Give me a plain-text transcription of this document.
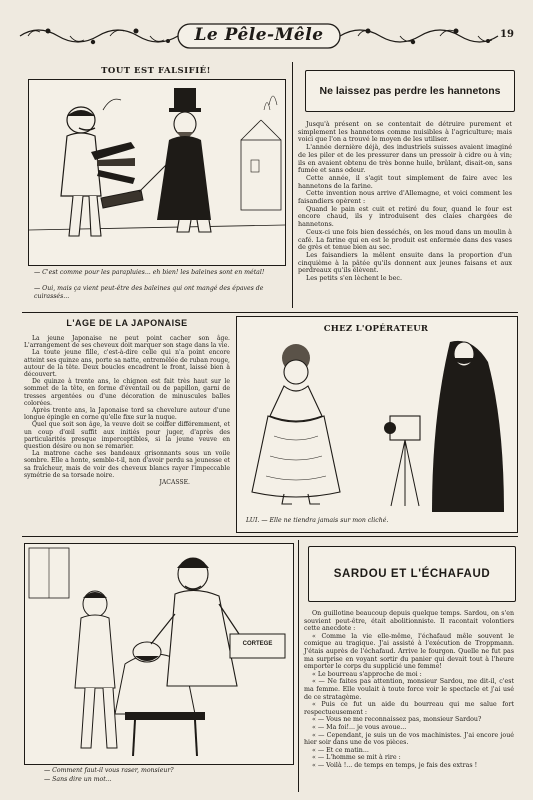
Le Pêle-Mêle	19
TOUT EST FALSIFIÉ!
— C'est comme pour les parapluies... eh bien! les baleines sont en métal!
— Oui, mais ça vient peut-être des baleines qui ont mangé des épaves de cuirassés...
Ne laissez pas perdre les hannetons

Jusqu'à présent on se contentait de détruire purement et simplement les hannetons comme nuisibles à l'agriculture; mais voici que l'on a trouvé le moyen de les utiliser.

L'année dernière déjà, des industriels suisses avaient imaginé de les piler et de les pressurer dans un pressoir à cidre ou à vin; ils en avaient obtenu de très bonne huile, brûlant, disait-on, sans fumée et sans odeur.

Cette année, il s'agit tout simplement de faire avec les hannetons de la farine.

Cette invention nous arrive d'Allemagne, et voici comment les faisandiers opèrent :

Quand le pain est cuit et retiré du four, quand le four est encore chaud, ils y introduisent des claies chargées de hannetons.

Ceux-ci une fois bien desséchés, on les moud dans un moulin à café. La farine qui en est le produit est enfermée dans des vases de grès et tenue bien au sec.

Les faisandiers la mêlent ensuite dans la proportion d'un cinquième à la pâtée qu'ils donnent aux jeunes faisans et aux perdreaux qu'ils élèvent.

Les petits s'en lèchent le bec.

L'AGE DE LA JAPONAISE

La jeune Japonaise ne peut point cacher son âge. L'arrangement de ses cheveux doit marquer son stage dans la vie.

La toute jeune fille, c'est-à-dire celle qui n'a point encore atteint ses quinze ans, porte sa natte, entremêlée de ruban rouge, autour de la tête. Deux boucles encadrent le front, laissé bien à découvert.

De quinze à trente ans, le chignon est fait très haut sur le sommet de la tête, en forme d'éventail ou de papillon, garni de tresses argentées ou d'une décoration de minuscules balles colorées.

Après trente ans, la Japonaise tord sa chevelure autour d'une longue épingle en corne qu'elle fixe sur la nuque.

Quel que soit son âge, la veuve doit se coiffer différemment, et un coup d'œil suffit aux initiés pour juger, d'après des particularités presque imperceptibles, si la jeune veuve en question désire ou non se remarier.

La matrone cache ses bandeaux grisonnants sous un voile sombre. Elle a honte, semble-t-il, non d'avoir perdu sa jeunesse et sa fraîcheur, mais de voir des cheveux blancs rayer l'impeccable symétrie de sa torsade noire.

JACASSE.
CHEZ L'OPÉRATEUR
LUI. — Elle ne tiendra jamais sur mon cliché.
CORTEGE
— Comment faut-il vous raser, monsieur?
— Sans dire un mot...
SARDOU ET L'ÉCHAFAUD

On guillotine beaucoup depuis quelque temps. Sardou, on s'en souvient peut-être, était abolitionniste. Il racontait volontiers cette anecdote :

« Comme la vie elle-même, l'échafaud mêle souvent le comique au tragique. J'ai assisté à l'exécution de Troppmann. J'étais auprès de l'échafaud. Arrive le fourgon. Quelle ne fut pas ma surprise en voyant sortir du panier qui devait tout à l'heure emporter le corps du supplicié une femme!

« Le bourreau s'approche de moi :

« — Ne faites pas attention, monsieur Sardou, me dit-il, c'est ma femme. Elle voulait à toute force voir le spectacle et j'ai usé de ce stratagème.

« Puis ce fut un aide du bourreau qui me salue fort respectueusement :

« — Vous ne me reconnaissez pas, monsieur Sardou?

« — Ma foi!... je vous avoue...

« — Cependant, je suis un de vos machinistes. J'ai encore joué hier soir dans une de vos pièces.

« — Et ce matin...

« — L'homme se mit à rire :

« — Voilà !... de temps en temps, je fais des extras !
